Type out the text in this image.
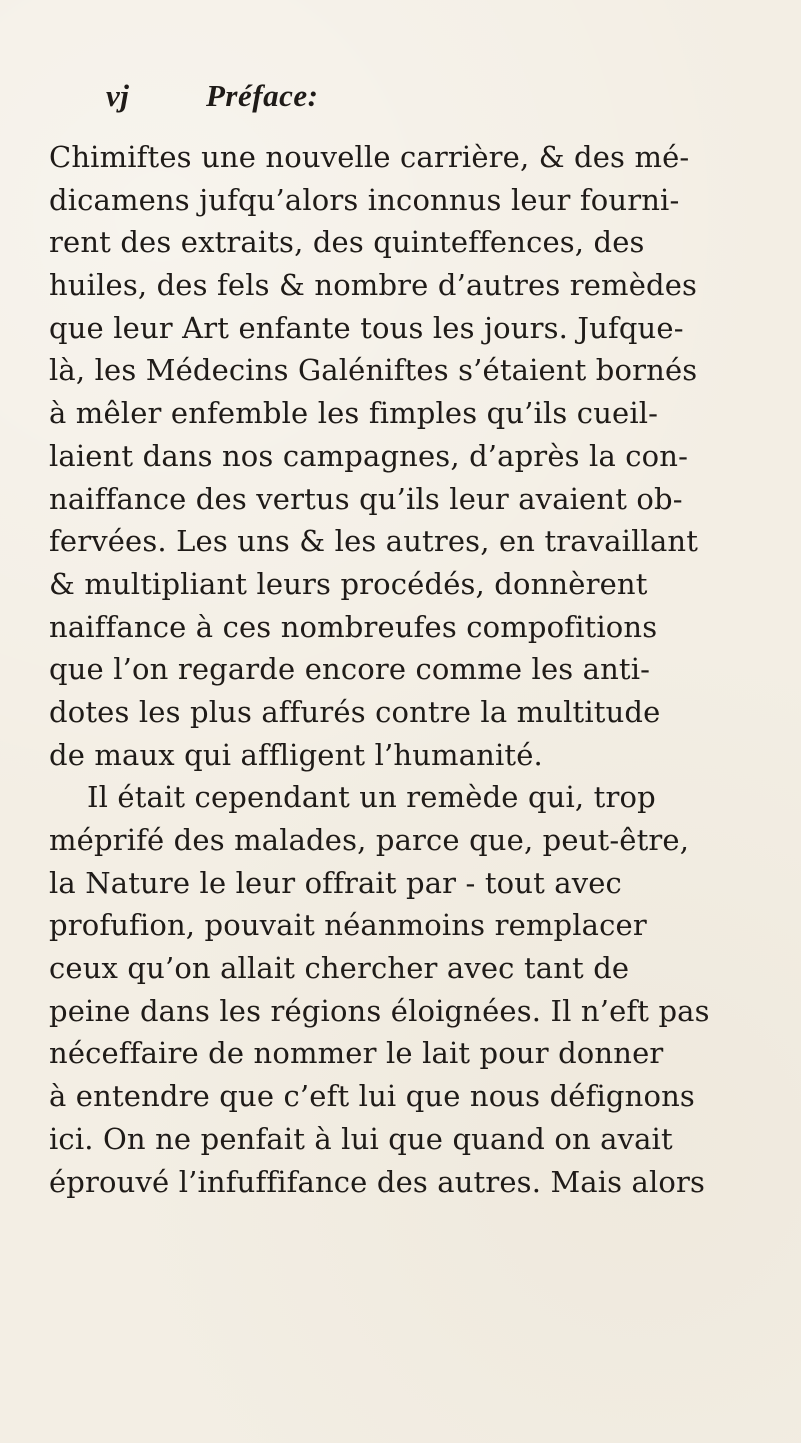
vj Préface:
Chimiftes une nouvelle carrière, & des mé-
dicamens jufqu’alors inconnus leur fourni-
rent des extraits, des quinteffences, des
huiles, des fels & nombre d’autres remèdes
que leur Art enfante tous les jours. Jufque-
là, les Médecins Galéniftes s’étaient bornés
à mêler enfemble les fimples qu’ils cueil-
laient dans nos campagnes, d’après la con-
naiffance des vertus qu’ils leur avaient ob-
fervées. Les uns & les autres, en travaillant
& multipliant leurs procédés, donnèrent
naiffance à ces nombreufes compofitions
que l’on regarde encore comme les anti-
dotes les plus affurés contre la multitude
de maux qui affligent l’humanité.
Il était cependant un remède qui, trop
méprifé des malades, parce que, peut-être,
la Nature le leur offrait par - tout avec
profufion, pouvait néanmoins remplacer
ceux qu’on allait chercher avec tant de
peine dans les régions éloignées. Il n’eft pas
néceffaire de nommer le lait pour donner
à entendre que c’eft lui que nous défignons
ici. On ne penfait à lui que quand on avait
éprouvé l’infuffifance des autres. Mais alors
